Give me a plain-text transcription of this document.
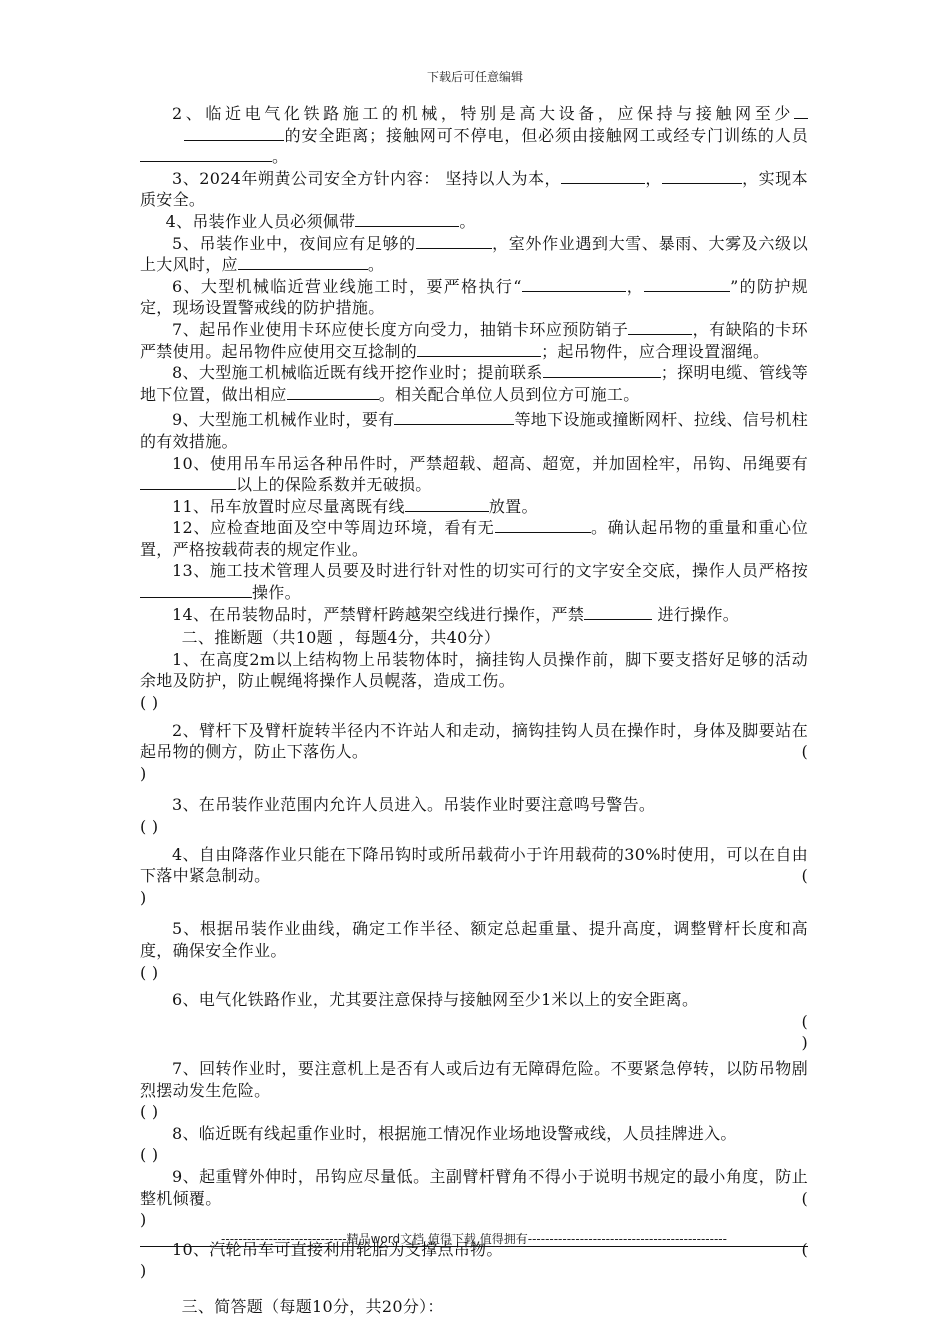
下载后可任意编辑

2、临近电气化铁路施工的机械，特别是高大设备，应保持与接触网至少的安全距离；接触网可不停电，但必须由接触网工或经专门训练的人员。

3、2024年朔黄公司安全方针内容： 坚持以人为本，	，	，实现本质安全。

4、吊装作业人员必须佩带	。

5、吊装作业中，夜间应有足够的	，室外作业遇到大雪、暴雨、大雾及六级以上大风时，应	。

6、大型机械临近营业线施工时，要严格执行“	，	”的防护规定，现场设置警戒线的防护措施。

7、起吊作业使用卡环应使长度方向受力，抽销卡环应预防销子	，有缺陷的卡环严禁使用。起吊物件应使用交互捻制的	；起吊物件，应合理设置溜绳。

8、大型施工机械临近既有线开挖作业时；提前联系	；探明电缆、管线等地下位置，做出相应	。相关配合单位人员到位方可施工。

9、大型施工机械作业时，要有	等地下设施或撞断网杆、拉线、信号机柱的有效措施。

10、使用吊车吊运各种吊件时，严禁超载、超高、超宽，并加固栓牢，吊钩、吊绳要有以上的保险系数并无破损。

11、吊车放置时应尽量离既有线	放置。

12、应检查地面及空中等周边环境，看有无	。确认起吊物的重量和重心位置，严格按载荷表的规定作业。

13、施工技术管理人员要及时进行针对性的切实可行的文字安全交底，操作人员严格按操作。

14、在吊装物品时，严禁臂杆跨越架空线进行操作，严禁	进行操作。

二、推断题（共10题 ，每题4分，共40分）

1、在高度2m以上结构物上吊装物体时，摘挂钩人员操作前，脚下要支搭好足够的活动余地及防护，防止幌绳将操作人员幌落，造成工伤。
( )

2、臂杆下及臂杆旋转半径内不许站人和走动，摘钩挂钩人员在操作时，身体及脚要站在起吊物的侧方，防止下落伤人。	(
)

3、在吊装作业范围内允许人员进入。吊装作业时要注意鸣号警告。
( )

4、自由降落作业只能在下降吊钩时或所吊载荷小于许用载荷的30%时使用，可以在自由下落中紧急制动。	(
)

5、根据吊装作业曲线，确定工作半径、额定总起重量、提升高度，调整臂杆长度和高度，确保安全作业。
( )

6、电气化铁路作业，尤其要注意保持与接触网至少1米以上的安全距离。
(
)

7、回转作业时，要注意机上是否有人或后边有无障碍危险。不要紧急停转，以防吊物剧烈摆动发生危险。
( )

8、临近既有线起重作业时，根据施工情况作业场地设警戒线，人员挂牌进入。
( )

9、起重臂外伸时，吊钩应尽量低。主副臂杆臂角不得小于说明书规定的最小角度，防止整机倾覆。	(
)

10、汽轮吊车可直接利用轮胎为支撑点吊物。	(
)

三、简答题（每题10分，共20分）：

-----------------------------精品word文档 值得下载 值得拥有----------------------------------------------
